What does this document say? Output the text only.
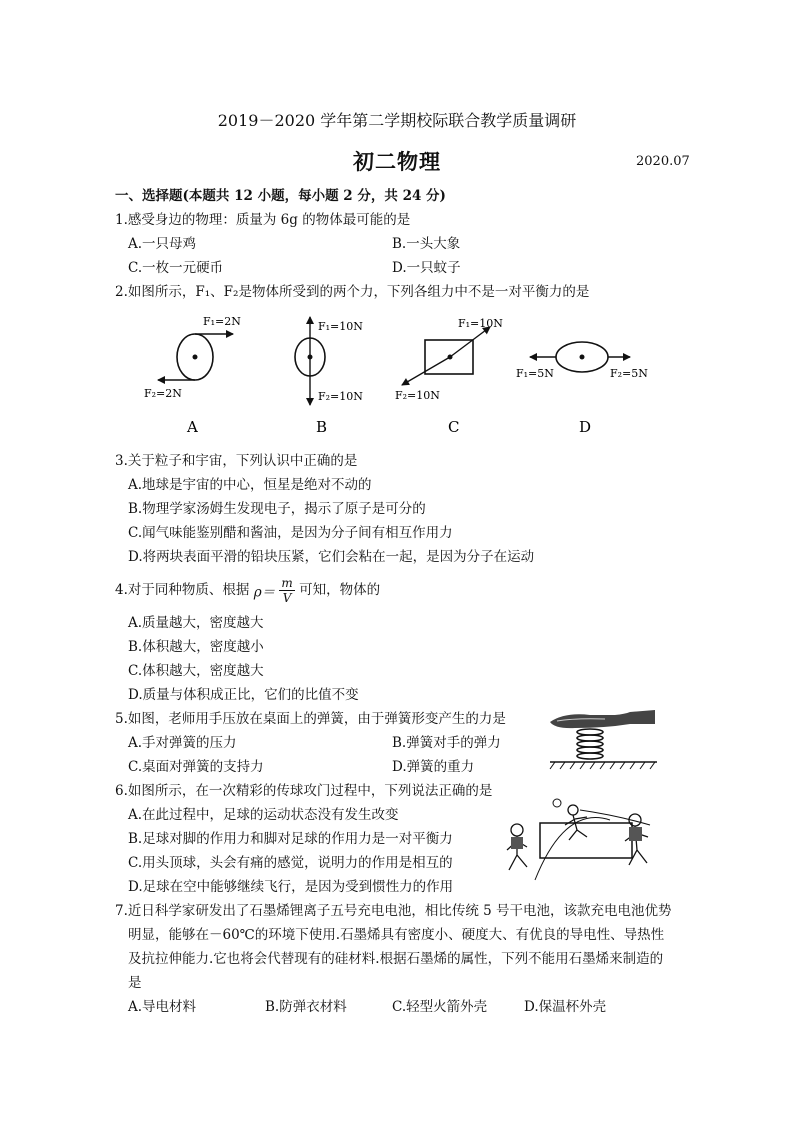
2019－2020 学年第二学期校际联合教学质量调研
初二物理	2020.07
一、选择题(本题共 12 小题，每小题 2 分，共 24 分)
1.感受身边的物理：质量为 6g 的物体最可能的是
A.一只母鸡	B.一头大象
C.一枚一元硬币	D.一只蚊子
2.如图所示，F₁、F₂是物体所受到的两个力，下列各组力中不是一对平衡力的是
F₁=2N
F₂=2N
F₁=10N
F₂=10N
F₁=10N
F₂=10N
F₁=5N	F₂=5N
A	B	C	D
3.关于粒子和宇宙，下列认识中正确的是
A.地球是宇宙的中心，恒星是绝对不动的
B.物理学家汤姆生发现电子，揭示了原子是可分的
C.闻气味能鉴别醋和酱油，是因为分子间有相互作用力
D.将两块表面平滑的铅块压紧，它们会粘在一起，是因为分子在运动
4.对于同种物质、根据 $\rho= \frac{m}{V}$ 可知，物体的
A.质量越大，密度越大
B.体积越大，密度越小
C.体积越大，密度越大
D.质量与体积成正比，它们的比值不变
5.如图，老师用手压放在桌面上的弹簧，由于弹簧形变产生的力是
A.手对弹簧的压力	B.弹簧对手的弹力
C.桌面对弹簧的支持力	D.弹簧的重力
6.如图所示，在一次精彩的传球攻门过程中，下列说法正确的是
A.在此过程中，足球的运动状态没有发生改变
B.足球对脚的作用力和脚对足球的作用力是一对平衡力
C.用头顶球，头会有痛的感觉，说明力的作用是相互的
D.足球在空中能够继续飞行，是因为受到惯性力的作用
7.近日科学家研发出了石墨烯锂离子五号充电电池，相比传统 5 号干电池，该款充电电池优势
明显，能够在－60℃的环境下使用.石墨烯具有密度小、硬度大、有优良的导电性、导热性
及抗拉伸能力.它也将会代替现有的硅材料.根据石墨烯的属性，下列不能用石墨烯来制造的
是
A.导电材料	B.防弹衣材料	C.轻型火箭外壳	D.保温杯外壳
